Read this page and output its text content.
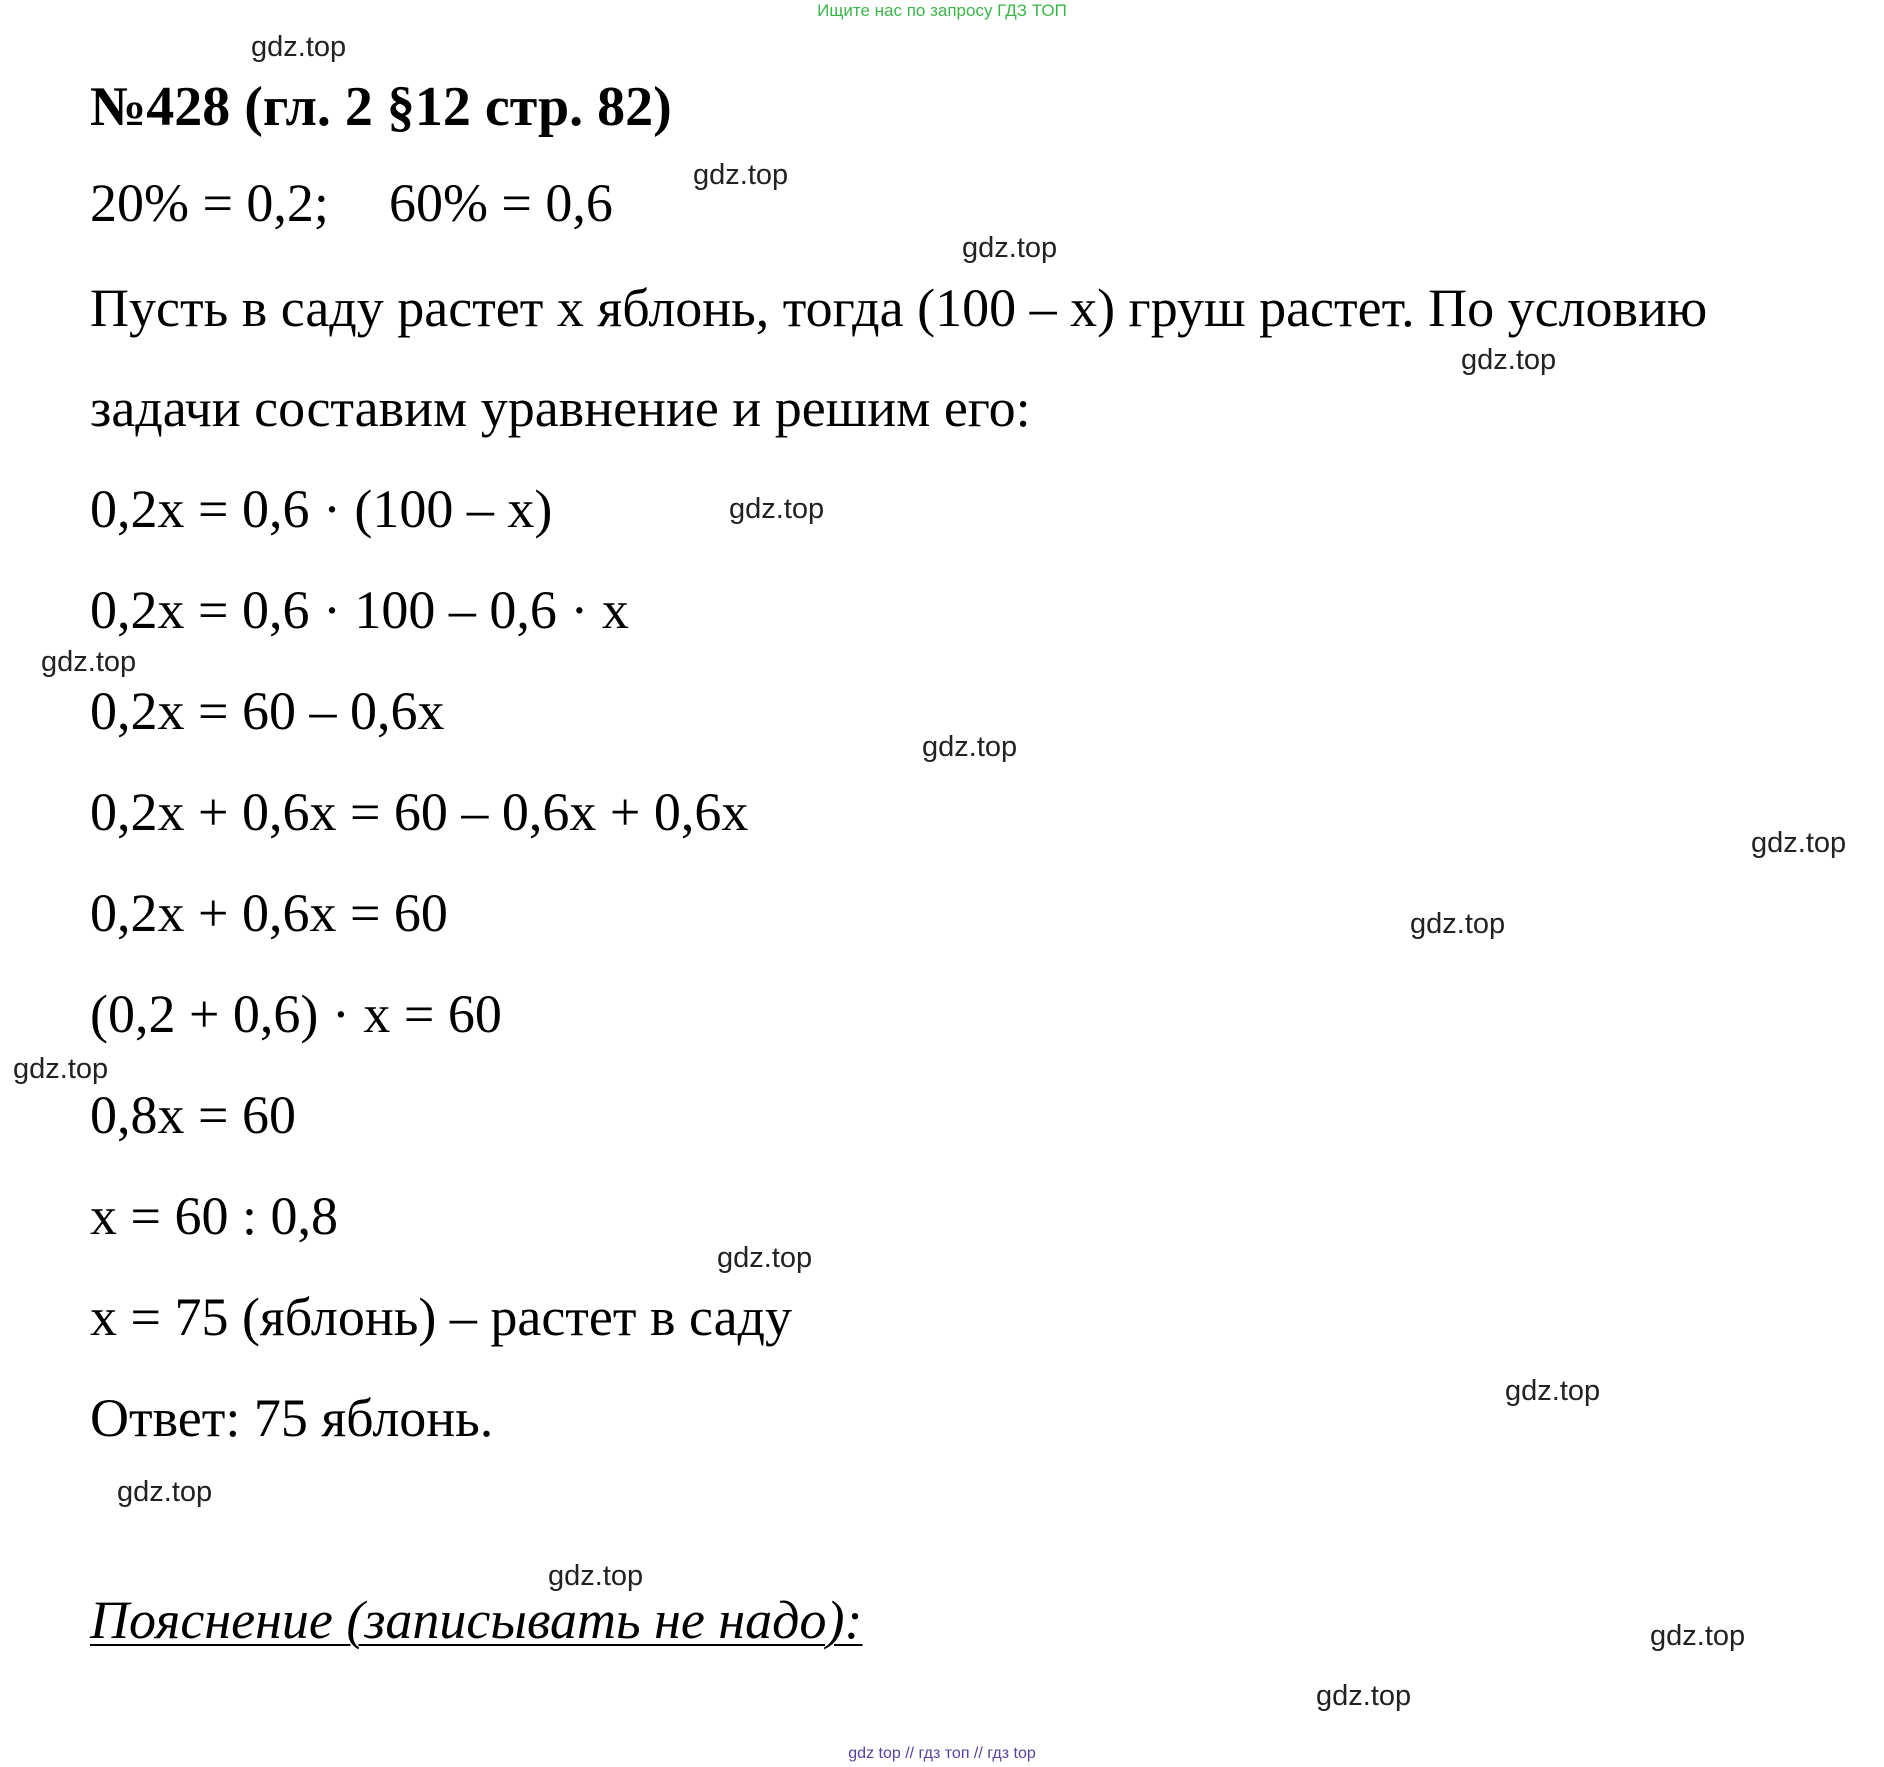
Ищите нас по запросу ГДЗ ТОП
№428 (гл. 2 §12 стр. 82)
20% = 0,2; 60% = 0,6
Пусть в саду растет x яблонь, тогда (100 – x) груш растет. По условию
задачи составим уравнение и решим его:
0,2x = 0,6 · (100 – x)
0,2x = 0,6 · 100 – 0,6 · x
0,2x = 60 – 0,6x
0,2x + 0,6x = 60 – 0,6x + 0,6x
0,2x + 0,6x = 60
(0,2 + 0,6) · x = 60
0,8x = 60
x = 60 : 0,8
x = 75 (яблонь) – растет в саду
Ответ: 75 яблонь.
Пояснение (записывать не надо):
gdz.top
gdz.top
gdz.top
gdz.top
gdz.top
gdz.top
gdz.top
gdz.top
gdz.top
gdz.top
gdz.top
gdz.top
gdz.top
gdz.top
gdz.top
gdz.top
gdz top // гдз топ // гдз top
